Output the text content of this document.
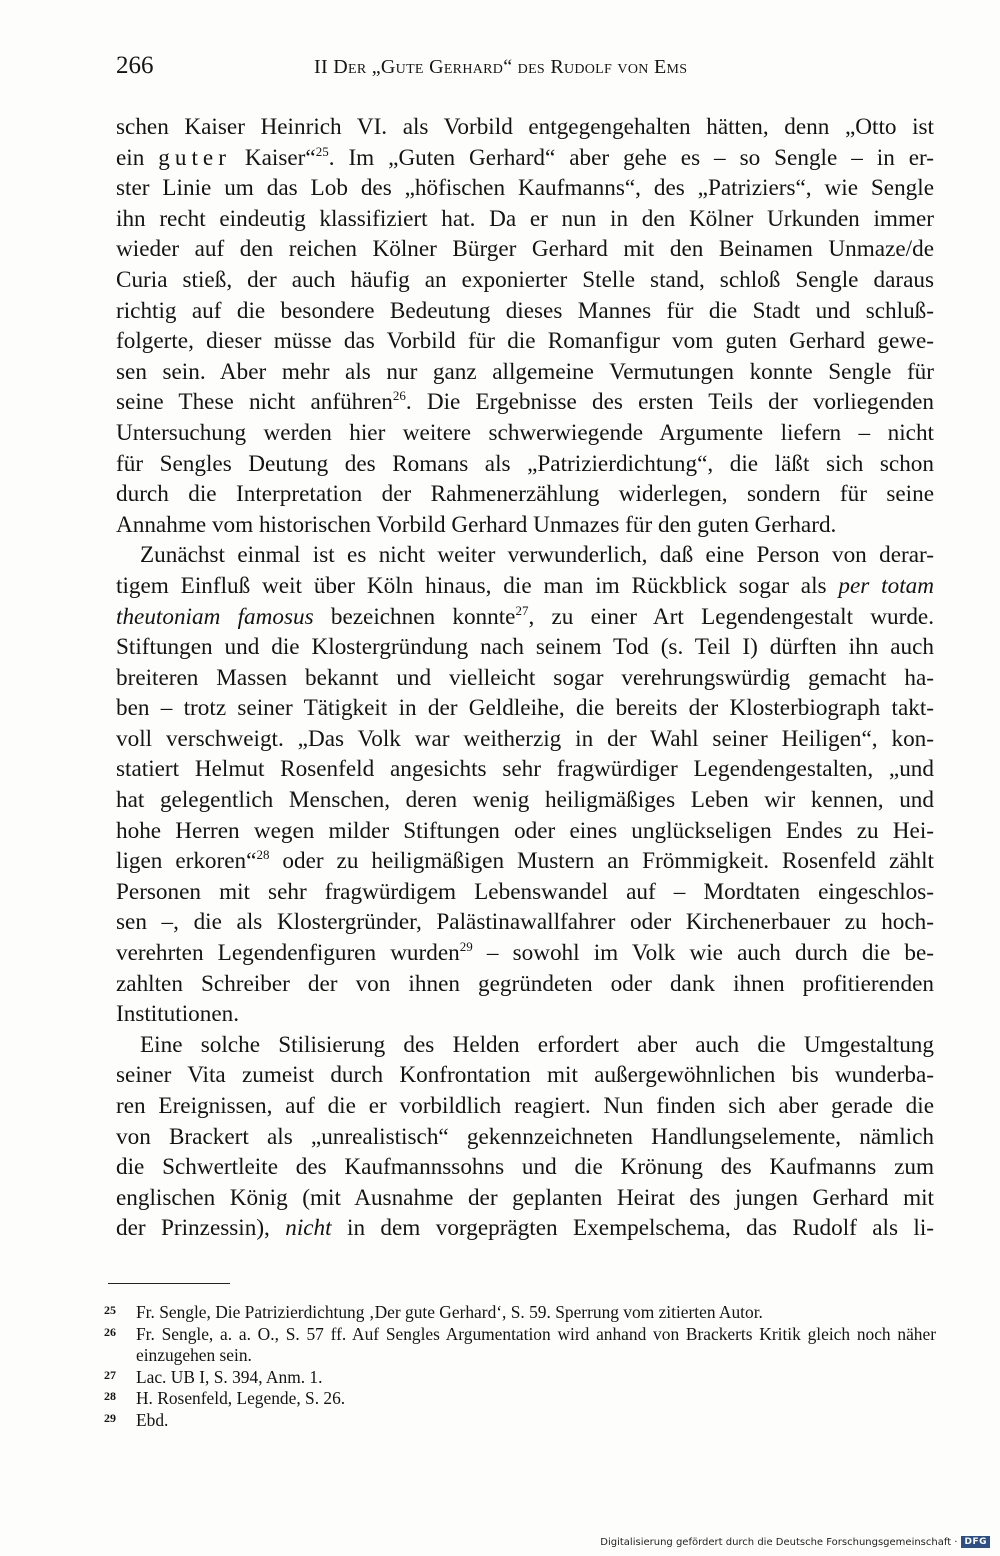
266	II Der „Gute Gerhard“ des Rudolf von Ems

schen Kaiser Heinrich VI. als Vorbild entgegengehalten hätten, denn „Otto ist
ein guter Kaiser“$^{25}$. Im „Guten Gerhard“ aber gehe es – so Sengle – in er-
ster Linie um das Lob des „höfischen Kaufmanns“, des „Patriziers“, wie Sengle
ihn recht eindeutig klassifiziert hat. Da er nun in den Kölner Urkunden immer
wieder auf den reichen Kölner Bürger Gerhard mit den Beinamen Unmaze/de
Curia stieß, der auch häufig an exponierter Stelle stand, schloß Sengle daraus
richtig auf die besondere Bedeutung dieses Mannes für die Stadt und schluß-
folgerte, dieser müsse das Vorbild für die Romanfigur vom guten Gerhard gewe-
sen sein. Aber mehr als nur ganz allgemeine Vermutungen konnte Sengle für
seine These nicht anführen$^{26}$. Die Ergebnisse des ersten Teils der vorliegenden
Untersuchung werden hier weitere schwerwiegende Argumente liefern – nicht
für Sengles Deutung des Romans als „Patrizierdichtung“, die läßt sich schon
durch die Interpretation der Rahmenerzählung widerlegen, sondern für seine
Annahme vom historischen Vorbild Gerhard Unmazes für den guten Gerhard.

Zunächst einmal ist es nicht weiter verwunderlich, daß eine Person von derar-
tigem Einfluß weit über Köln hinaus, die man im Rückblick sogar als per totam
theutoniam famosus bezeichnen konnte$^{27}$, zu einer Art Legendengestalt wurde.
Stiftungen und die Klostergründung nach seinem Tod (s. Teil I) dürften ihn auch
breiteren Massen bekannt und vielleicht sogar verehrungswürdig gemacht ha-
ben – trotz seiner Tätigkeit in der Geldleihe, die bereits der Klosterbiograph takt-
voll verschweigt. „Das Volk war weitherzig in der Wahl seiner Heiligen“, kon-
statiert Helmut Rosenfeld angesichts sehr fragwürdiger Legendengestalten, „und
hat gelegentlich Menschen, deren wenig heiligmäßiges Leben wir kennen, und
hohe Herren wegen milder Stiftungen oder eines unglückseligen Endes zu Hei-
ligen erkoren“$^{28}$ oder zu heiligmäßigen Mustern an Frömmigkeit. Rosenfeld zählt
Personen mit sehr fragwürdigem Lebenswandel auf – Mordtaten eingeschlos-
sen –, die als Klostergründer, Palästinawallfahrer oder Kirchenerbauer zu hoch-
verehrten Legendenfiguren wurden$^{29}$ – sowohl im Volk wie auch durch die be-
zahlten Schreiber der von ihnen gegründeten oder dank ihnen profitierenden
Institutionen.

Eine solche Stilisierung des Helden erfordert aber auch die Umgestaltung
seiner Vita zumeist durch Konfrontation mit außergewöhnlichen bis wunderba-
ren Ereignissen, auf die er vorbildlich reagiert. Nun finden sich aber gerade die
von Brackert als „unrealistisch“ gekennzeichneten Handlungselemente, nämlich
die Schwertleite des Kaufmannssohns und die Krönung des Kaufmanns zum
englischen König (mit Ausnahme der geplanten Heirat des jungen Gerhard mit
der Prinzessin), nicht in dem vorgeprägten Exempelschema, das Rudolf als li-

25 Fr. Sengle, Die Patrizierdichtung ‚Der gute Gerhard‘, S. 59. Sperrung vom zitierten Autor.
26 Fr. Sengle, a. a. O., S. 57 ff. Auf Sengles Argumentation wird anhand von Brackerts Kritik gleich noch näher einzugehen sein.
27 Lac. UB I, S. 394, Anm. 1.
28 H. Rosenfeld, Legende, S. 26.
29 Ebd.
Digitalisierung gefördert durch die Deutsche Forschungsgemeinschaft · DFG
